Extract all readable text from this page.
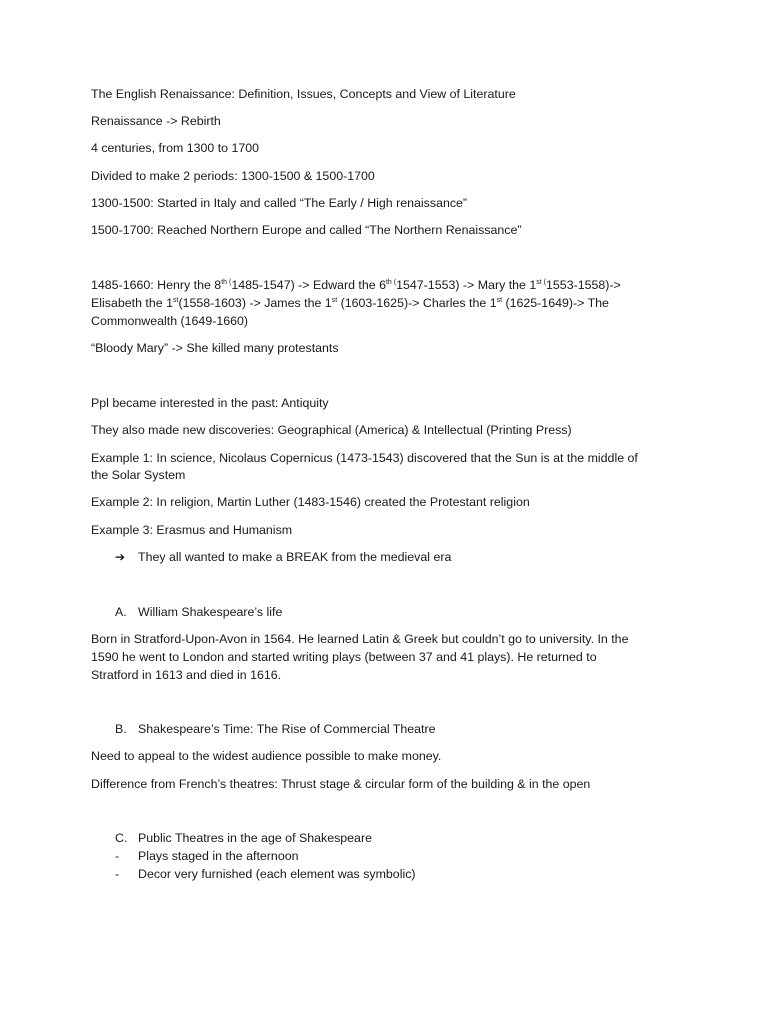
The English Renaissance: Definition, Issues, Concepts and View of Literature
Renaissance -> Rebirth
4 centuries, from 1300 to 1700
Divided to make 2 periods: 1300-1500 & 1500-1700
1300-1500: Started in Italy and called “The Early / High renaissance”
1500-1700: Reached Northern Europe and called “The Northern Renaissance”
1485-1660: Henry the $8^{th (}1485-1547$) -> Edward the $6^{th (}1547-1553$) -> Mary the $1^{st (}1553-1558)->$
Elisabeth the 1st(1558-1603) -> James the 1st (1603-1625)-> Charles the 1st (1625-1649)-> The
Commonwealth (1649-1660)
“Bloody Mary” -> She killed many protestants
Ppl became interested in the past: Antiquity
They also made new discoveries: Geographical (America) & Intellectual (Printing Press)
Example 1: In science, Nicolaus Copernicus (1473-1543) discovered that the Sun is at the middle of
the Solar System
Example 2: In religion, Martin Luther (1483-1546) created the Protestant religion
Example 3: Erasmus and Humanism
➔ They all wanted to make a BREAK from the medieval era
A. William Shakespeare’s life
Born in Stratford-Upon-Avon in 1564. He learned Latin & Greek but couldn’t go to university. In the
1590 he went to London and started writing plays (between 37 and 41 plays). He returned to
Stratford in 1613 and died in 1616.
B. Shakespeare’s Time: The Rise of Commercial Theatre
Need to appeal to the widest audience possible to make money.
Difference from French’s theatres: Thrust stage & circular form of the building & in the open
C. Public Theatres in the age of Shakespeare
- Plays staged in the afternoon
- Decor very furnished (each element was symbolic)
